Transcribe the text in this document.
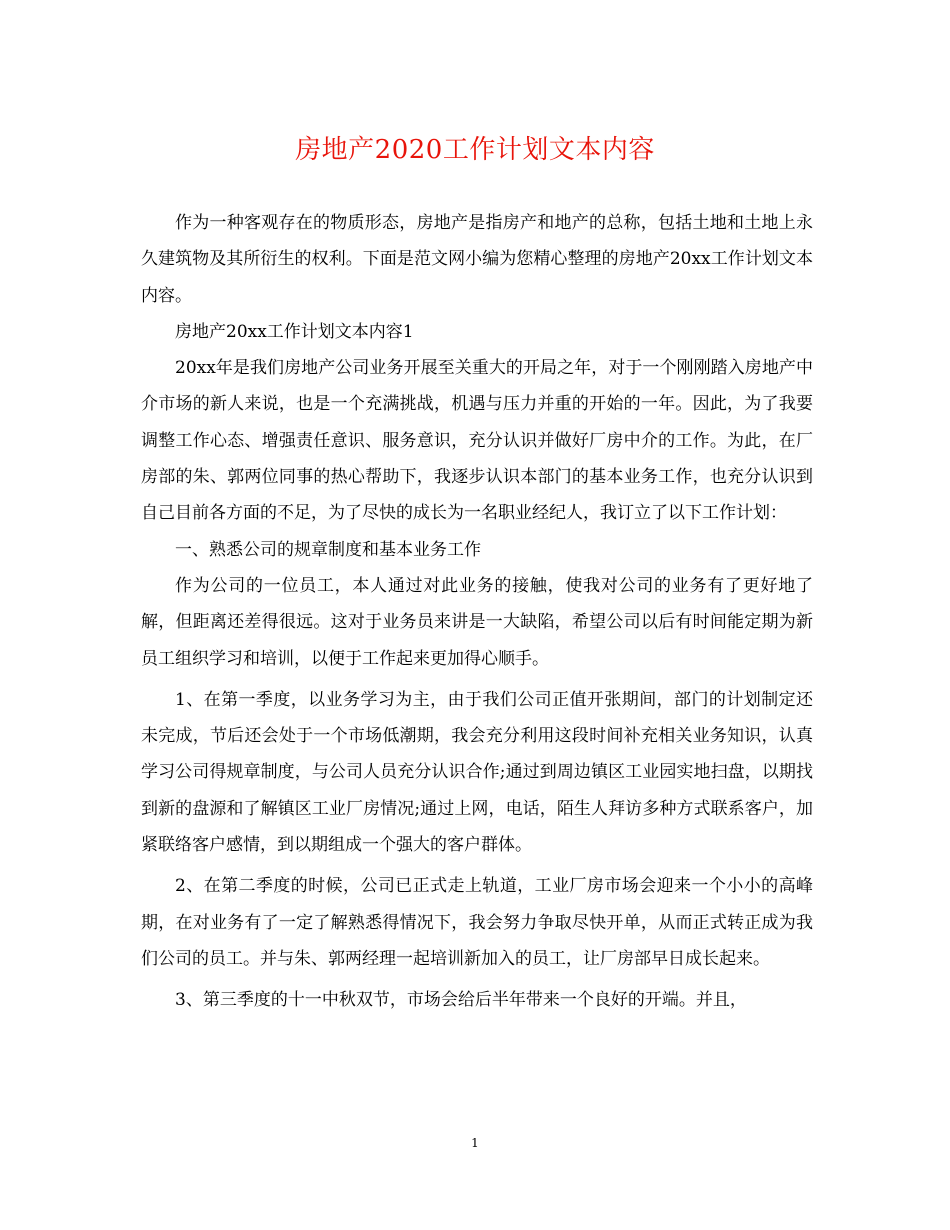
房地产2020工作计划文本内容

作为一种客观存在的物质形态，房地产是指房产和地产的总称，包括土地和土地上永久建筑物及其所衍生的权利。下面是范文网小编为您精心整理的房地产20xx工作计划文本内容。

房地产20xx工作计划文本内容1

20xx年是我们房地产公司业务开展至关重大的开局之年，对于一个刚刚踏入房地产中介市场的新人来说，也是一个充满挑战，机遇与压力并重的开始的一年。因此，为了我要调整工作心态、增强责任意识、服务意识，充分认识并做好厂房中介的工作。为此，在厂房部的朱、郭两位同事的热心帮助下，我逐步认识本部门的基本业务工作，也充分认识到自己目前各方面的不足，为了尽快的成长为一名职业经纪人，我订立了以下工作计划：

一、熟悉公司的规章制度和基本业务工作

作为公司的一位员工，本人通过对此业务的接触，使我对公司的业务有了更好地了解，但距离还差得很远。这对于业务员来讲是一大缺陷，希望公司以后有时间能定期为新员工组织学习和培训，以便于工作起来更加得心顺手。

1、在第一季度，以业务学习为主，由于我们公司正值开张期间，部门的计划制定还未完成，节后还会处于一个市场低潮期，我会充分利用这段时间补充相关业务知识，认真学习公司得规章制度，与公司人员充分认识合作;通过到周边镇区工业园实地扫盘，以期找到新的盘源和了解镇区工业厂房情况;通过上网，电话，陌生人拜访多种方式联系客户，加紧联络客户感情，到以期组成一个强大的客户群体。

2、在第二季度的时候，公司已正式走上轨道，工业厂房市场会迎来一个小小的高峰期，在对业务有了一定了解熟悉得情况下，我会努力争取尽快开单，从而正式转正成为我们公司的员工。并与朱、郭两经理一起培训新加入的员工，让厂房部早日成长起来。

3、第三季度的十一中秋双节，市场会给后半年带来一个良好的开端。并且，

1
